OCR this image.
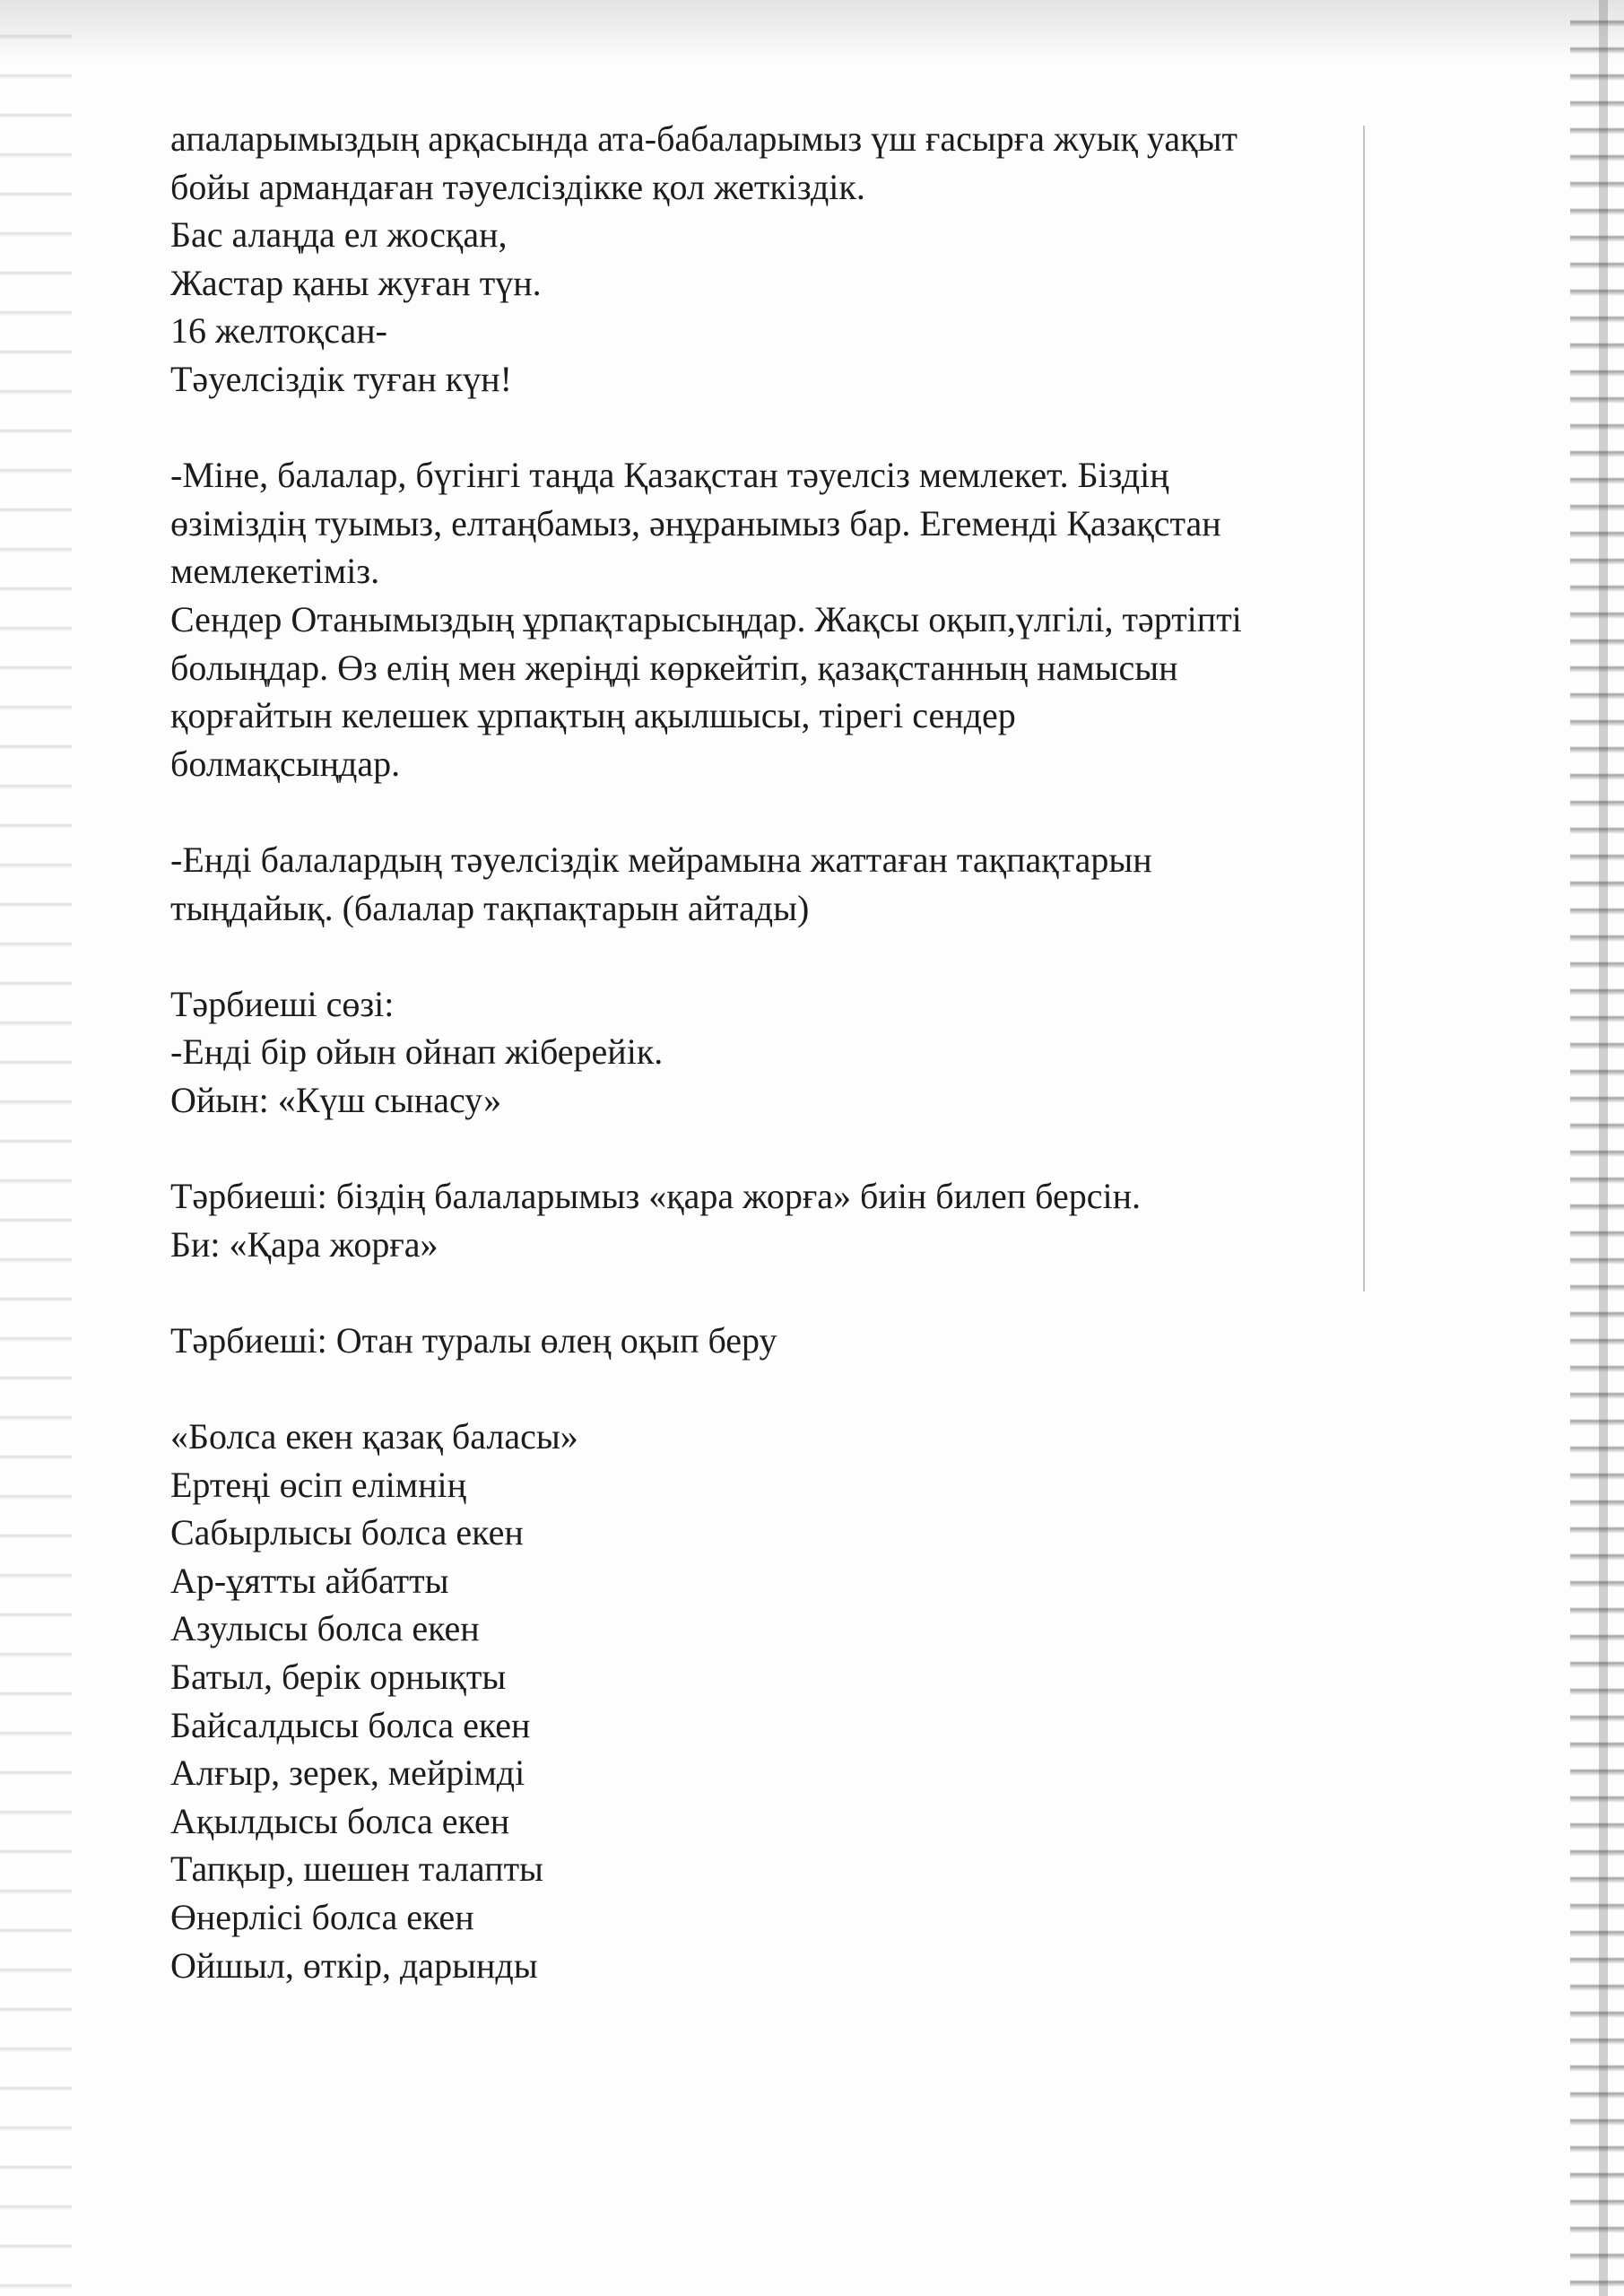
апаларымыздың арқасында ата-бабаларымыз үш ғасырға жуық уақыт
бойы армандаған тәуелсіздікке қол жеткіздік.
Бас алаңда ел жосқан,
Жастар қаны жуған түн.
16 желтоқсан-
Тәуелсіздік туған күн!
-Міне, балалар, бүгінгі таңда Қазақстан тәуелсіз мемлекет. Біздің
өзіміздің туымыз, елтаңбамыз, әнұранымыз бар. Егеменді Қазақстан
мемлекетіміз.
Сендер Отанымыздың ұрпақтарысыңдар. Жақсы оқып,үлгілі, тәртіпті
болыңдар. Өз елің мен жеріңді көркейтіп, қазақстанның намысын
қорғайтын келешек ұрпақтың ақылшысы, тірегі сендер
болмақсыңдар.
-Енді балалардың тәуелсіздік мейрамына жаттаған тақпақтарын
тыңдайық. (балалар тақпақтарын айтады)
Тәрбиеші сөзі:
-Енді бір ойын ойнап жіберейік.
Ойын: «Күш сынасу»
Тәрбиеші: біздің балаларымыз «қара жорға» биін билеп берсін.
Би: «Қара жорға»
Тәрбиеші: Отан туралы өлең оқып беру
«Болса екен қазақ баласы»
Ертеңі өсіп елімнің
Сабырлысы болса екен
Ар-ұятты айбатты
Азулысы болса екен
Батыл, берік орнықты
Байсалдысы болса екен
Алғыр, зерек, мейрімді
Ақылдысы болса екен
Тапқыр, шешен талапты
Өнерлісі болса екен
Ойшыл, өткір, дарынды
